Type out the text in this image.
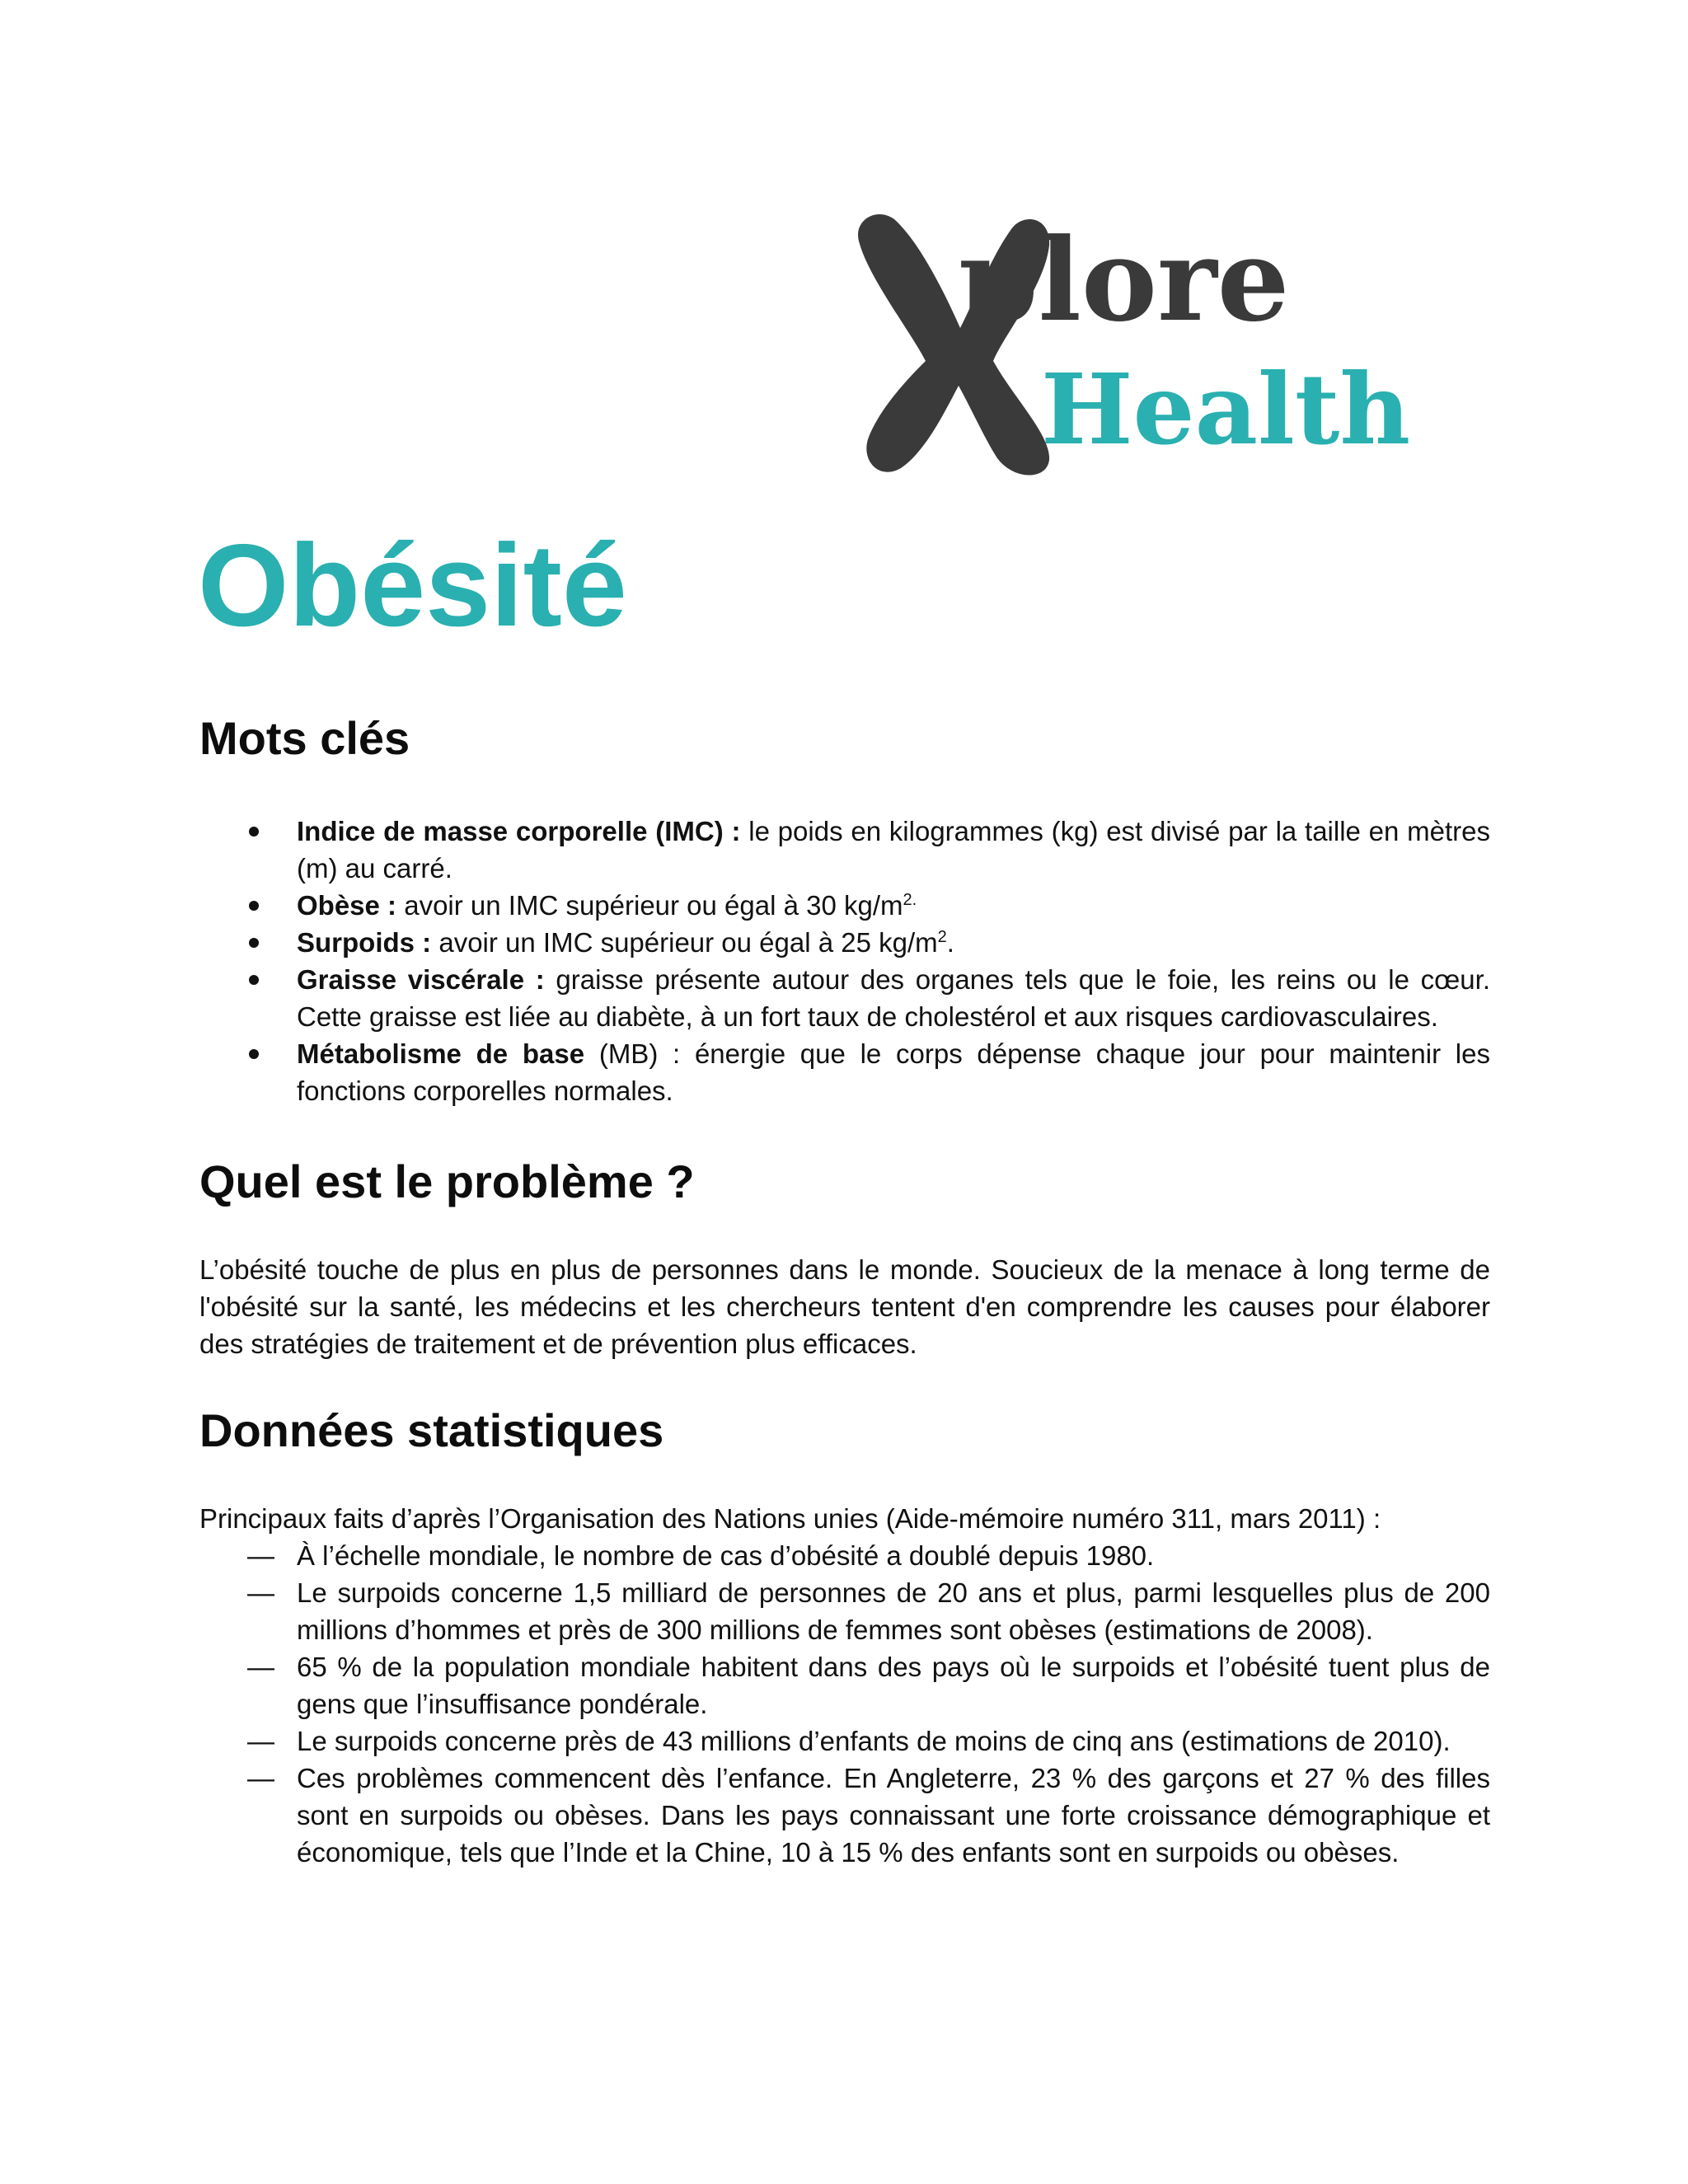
plore
Health
Obésité
Mots clés
Indice de masse corporelle (IMC) : le poids en kilogrammes (kg) est divisé par la taille en mètres (m) au carré.
Obèse : avoir un IMC supérieur ou égal à 30 $kg/m^{2.}$
Surpoids : avoir un IMC supérieur ou égal à 25 $kg/m^2$.
Graisse viscérale : graisse présente autour des organes tels que le foie, les reins ou le cœur. Cette graisse est liée au diabète, à un fort taux de cholestérol et aux risques cardiovasculaires.
Métabolisme de base (MB) : énergie que le corps dépense chaque jour pour maintenir les fonctions corporelles normales.
Quel est le problème ?

L’obésité touche de plus en plus de personnes dans le monde. Soucieux de la menace à long terme de l'obésité sur la santé, les médecins et les chercheurs tentent d'en comprendre les causes pour élaborer des stratégies de traitement et de prévention plus efficaces.

Données statistiques

Principaux faits d’après l’Organisation des Nations unies (Aide-mémoire numéro 311, mars 2011) :

— À l’échelle mondiale, le nombre de cas d’obésité a doublé depuis 1980.
— Le surpoids concerne 1,5 milliard de personnes de 20 ans et plus, parmi lesquelles plus de 200 millions d’hommes et près de 300 millions de femmes sont obèses (estimations de 2008).
— 65 % de la population mondiale habitent dans des pays où le surpoids et l’obésité tuent plus de gens que l’insuffisance pondérale.
— Le surpoids concerne près de 43 millions d’enfants de moins de cinq ans (estimations de 2010).
— Ces problèmes commencent dès l’enfance. En Angleterre, 23 % des garçons et 27 % des filles sont en surpoids ou obèses. Dans les pays connaissant une forte croissance démographique et économique, tels que l’Inde et la Chine, 10 à 15 % des enfants sont en surpoids ou obèses.
